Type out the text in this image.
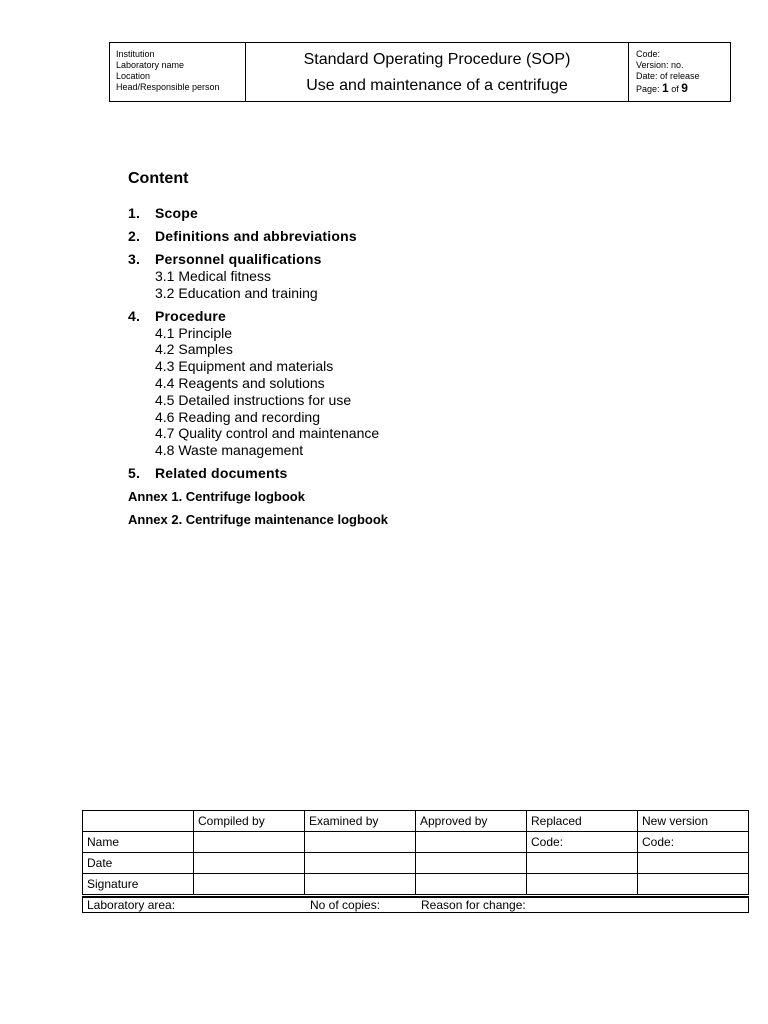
Institution
Laboratory name
Location
Head/Responsible person
Standard Operating Procedure (SOP)
Use and maintenance of a centrifuge
Code:
Version: no.
Date: of release
Page: 1 of 9
Content
1.	Scope
2.	Definitions and abbreviations
3.	Personnel qualifications
3.1 Medical fitness
3.2 Education and training
4.	Procedure
4.1 Principle
4.2 Samples
4.3 Equipment and materials
4.4 Reagents and solutions
4.5 Detailed instructions for use
4.6 Reading and recording
4.7 Quality control and maintenance
4.8 Waste management
5.	Related documents
Annex 1. Centrifuge logbook
Annex 2. Centrifuge maintenance logbook
	Compiled by	Examined by	Approved by	Replaced	New version
Name				Code:	Code:
Date					
Signature					
Laboratory area:	No of copies:	Reason for change:
